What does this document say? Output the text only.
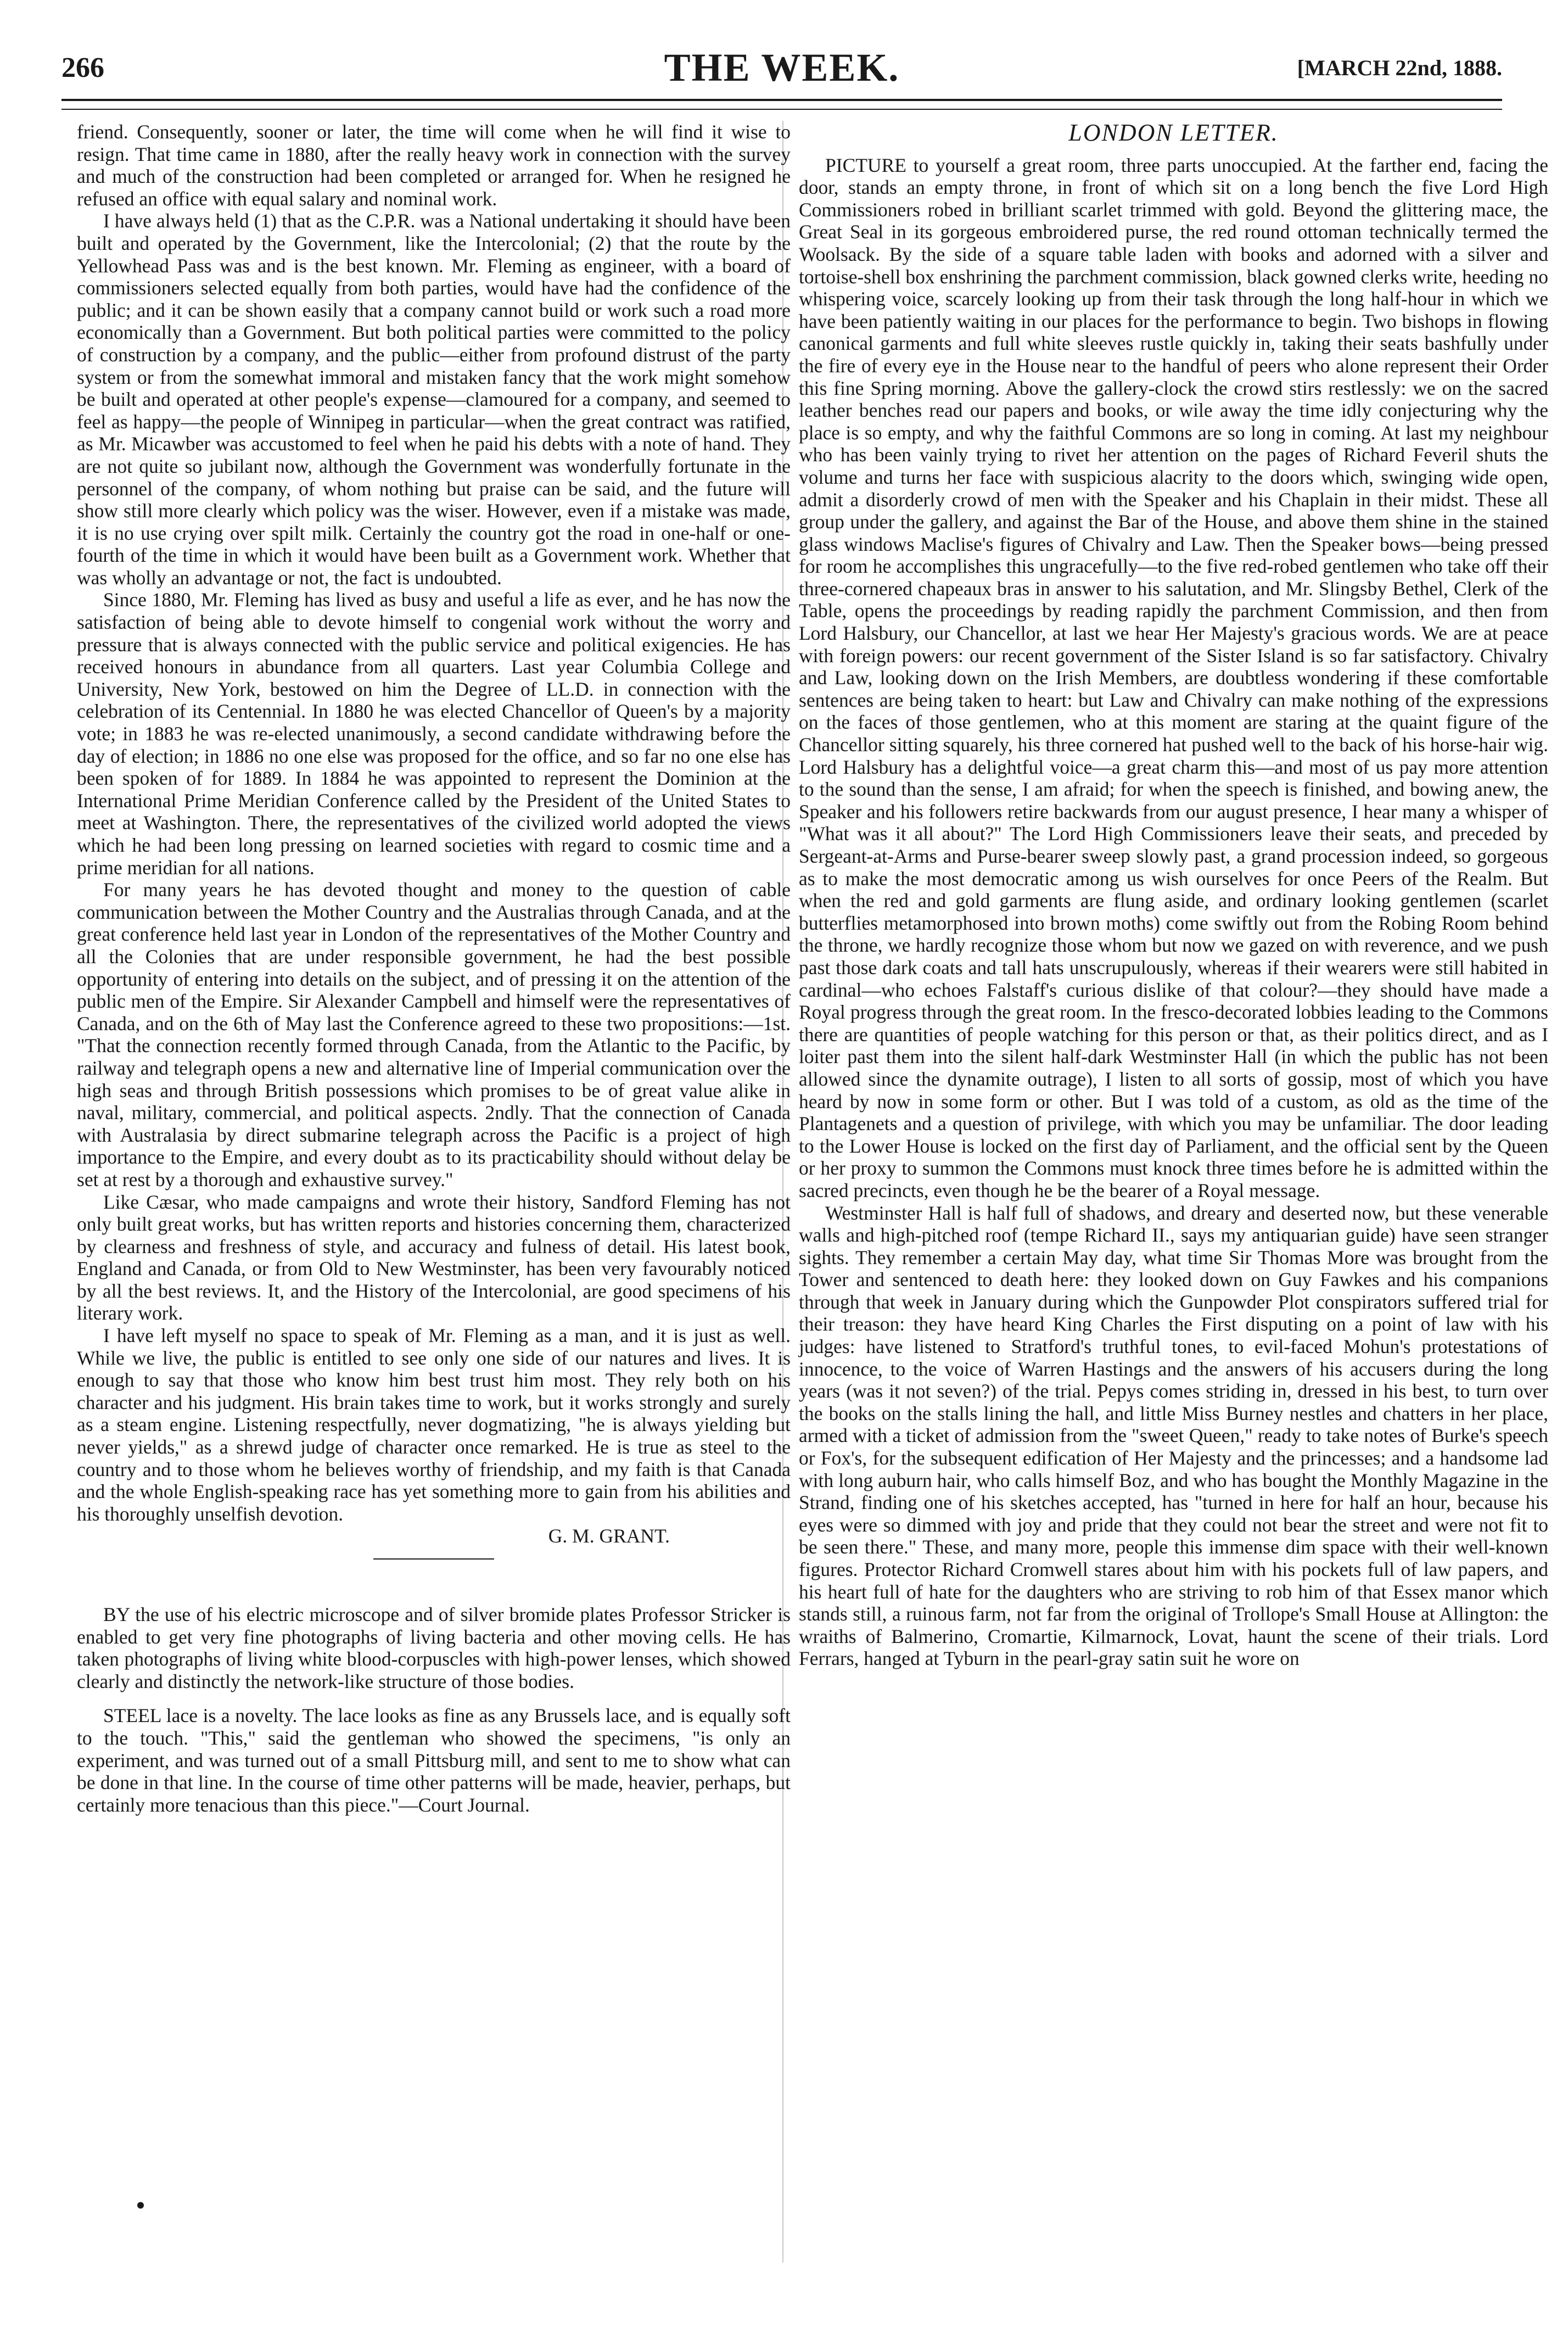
266	THE WEEK.	[MARCH 22nd, 1888.

friend. Consequently, sooner or later, the time will come when he will find it wise to resign. That time came in 1880, after the really heavy work in connection with the survey and much of the construction had been completed or arranged for. When he resigned he refused an office with equal salary and nominal work.

I have always held (1) that as the C.P.R. was a National undertaking it should have been built and operated by the Government, like the Intercolonial; (2) that the route by the Yellowhead Pass was and is the best known. Mr. Fleming as engineer, with a board of commissioners selected equally from both parties, would have had the confidence of the public; and it can be shown easily that a company cannot build or work such a road more economically than a Government. But both political parties were committed to the policy of construction by a company, and the public—either from profound distrust of the party system or from the somewhat immoral and mistaken fancy that the work might somehow be built and operated at other people's expense—clamoured for a company, and seemed to feel as happy—the people of Winnipeg in particular—when the great contract was ratified, as Mr. Micawber was accustomed to feel when he paid his debts with a note of hand. They are not quite so jubilant now, although the Government was wonderfully fortunate in the personnel of the company, of whom nothing but praise can be said, and the future will show still more clearly which policy was the wiser. However, even if a mistake was made, it is no use crying over spilt milk. Certainly the country got the road in one-half or one-fourth of the time in which it would have been built as a Government work. Whether that was wholly an advantage or not, the fact is undoubted.

Since 1880, Mr. Fleming has lived as busy and useful a life as ever, and he has now the satisfaction of being able to devote himself to congenial work without the worry and pressure that is always connected with the public service and political exigencies. He has received honours in abundance from all quarters. Last year Columbia College and University, New York, bestowed on him the Degree of LL.D. in connection with the celebration of its Centennial. In 1880 he was elected Chancellor of Queen's by a majority vote; in 1883 he was re-elected unanimously, a second candidate withdrawing before the day of election; in 1886 no one else was proposed for the office, and so far no one else has been spoken of for 1889. In 1884 he was appointed to represent the Dominion at the International Prime Meridian Conference called by the President of the United States to meet at Washington. There, the representatives of the civilized world adopted the views which he had been long pressing on learned societies with regard to cosmic time and a prime meridian for all nations.

For many years he has devoted thought and money to the question of cable communication between the Mother Country and the Australias through Canada, and at the great conference held last year in London of the representatives of the Mother Country and all the Colonies that are under responsible government, he had the best possible opportunity of entering into details on the subject, and of pressing it on the attention of the public men of the Empire. Sir Alexander Campbell and himself were the representatives of Canada, and on the 6th of May last the Conference agreed to these two propositions:—1st. "That the connection recently formed through Canada, from the Atlantic to the Pacific, by railway and telegraph opens a new and alternative line of Imperial communication over the high seas and through British possessions which promises to be of great value alike in naval, military, commercial, and political aspects. 2ndly. That the connection of Canada with Australasia by direct submarine telegraph across the Pacific is a project of high importance to the Empire, and every doubt as to its practicability should without delay be set at rest by a thorough and exhaustive survey."

Like Cæsar, who made campaigns and wrote their history, Sandford Fleming has not only built great works, but has written reports and histories concerning them, characterized by clearness and freshness of style, and accuracy and fulness of detail. His latest book, England and Canada, or from Old to New Westminster, has been very favourably noticed by all the best reviews. It, and the History of the Intercolonial, are good specimens of his literary work.

I have left myself no space to speak of Mr. Fleming as a man, and it is just as well. While we live, the public is entitled to see only one side of our natures and lives. It is enough to say that those who know him best trust him most. They rely both on his character and his judgment. His brain takes time to work, but it works strongly and surely as a steam engine. Listening respectfully, never dogmatizing, "he is always yielding but never yields," as a shrewd judge of character once remarked. He is true as steel to the country and to those whom he believes worthy of friendship, and my faith is that Canada and the whole English-speaking race has yet something more to gain from his abilities and his thoroughly unselfish devotion.

G. M. GRANT.

BY the use of his electric microscope and of silver bromide plates Professor Stricker is enabled to get very fine photographs of living bacteria and other moving cells. He has taken photographs of living white blood-corpuscles with high-power lenses, which showed clearly and distinctly the network-like structure of those bodies.

STEEL lace is a novelty. The lace looks as fine as any Brussels lace, and is equally soft to the touch. "This," said the gentleman who showed the specimens, "is only an experiment, and was turned out of a small Pittsburg mill, and sent to me to show what can be done in that line. In the course of time other patterns will be made, heavier, perhaps, but certainly more tenacious than this piece."—Court Journal.

LONDON LETTER.

PICTURE to yourself a great room, three parts unoccupied. At the farther end, facing the door, stands an empty throne, in front of which sit on a long bench the five Lord High Commissioners robed in brilliant scarlet trimmed with gold. Beyond the glittering mace, the Great Seal in its gorgeous embroidered purse, the red round ottoman technically termed the Woolsack. By the side of a square table laden with books and adorned with a silver and tortoise-shell box enshrining the parchment commission, black gowned clerks write, heeding no whispering voice, scarcely looking up from their task through the long half-hour in which we have been patiently waiting in our places for the performance to begin. Two bishops in flowing canonical garments and full white sleeves rustle quickly in, taking their seats bashfully under the fire of every eye in the House near to the handful of peers who alone represent their Order this fine Spring morning. Above the gallery-clock the crowd stirs restlessly: we on the sacred leather benches read our papers and books, or wile away the time idly conjecturing why the place is so empty, and why the faithful Commons are so long in coming. At last my neighbour who has been vainly trying to rivet her attention on the pages of Richard Feveril shuts the volume and turns her face with suspicious alacrity to the doors which, swinging wide open, admit a disorderly crowd of men with the Speaker and his Chaplain in their midst. These all group under the gallery, and against the Bar of the House, and above them shine in the stained glass windows Maclise's figures of Chivalry and Law. Then the Speaker bows—being pressed for room he accomplishes this ungracefully—to the five red-robed gentlemen who take off their three-cornered chapeaux bras in answer to his salutation, and Mr. Slingsby Bethel, Clerk of the Table, opens the proceedings by reading rapidly the parchment Commission, and then from Lord Halsbury, our Chancellor, at last we hear Her Majesty's gracious words. We are at peace with foreign powers: our recent government of the Sister Island is so far satisfactory. Chivalry and Law, looking down on the Irish Members, are doubtless wondering if these comfortable sentences are being taken to heart: but Law and Chivalry can make nothing of the expressions on the faces of those gentlemen, who at this moment are staring at the quaint figure of the Chancellor sitting squarely, his three cornered hat pushed well to the back of his horse-hair wig. Lord Halsbury has a delightful voice—a great charm this—and most of us pay more attention to the sound than the sense, I am afraid; for when the speech is finished, and bowing anew, the Speaker and his followers retire backwards from our august presence, I hear many a whisper of "What was it all about?" The Lord High Commissioners leave their seats, and preceded by Sergeant-at-Arms and Purse-bearer sweep slowly past, a grand procession indeed, so gorgeous as to make the most democratic among us wish ourselves for once Peers of the Realm. But when the red and gold garments are flung aside, and ordinary looking gentlemen (scarlet butterflies metamorphosed into brown moths) come swiftly out from the Robing Room behind the throne, we hardly recognize those whom but now we gazed on with reverence, and we push past those dark coats and tall hats unscrupulously, whereas if their wearers were still habited in cardinal—who echoes Falstaff's curious dislike of that colour?—they should have made a Royal progress through the great room. In the fresco-decorated lobbies leading to the Commons there are quantities of people watching for this person or that, as their politics direct, and as I loiter past them into the silent half-dark Westminster Hall (in which the public has not been allowed since the dynamite outrage), I listen to all sorts of gossip, most of which you have heard by now in some form or other. But I was told of a custom, as old as the time of the Plantagenets and a question of privilege, with which you may be unfamiliar. The door leading to the Lower House is locked on the first day of Parliament, and the official sent by the Queen or her proxy to summon the Commons must knock three times before he is admitted within the sacred precincts, even though he be the bearer of a Royal message.

Westminster Hall is half full of shadows, and dreary and deserted now, but these venerable walls and high-pitched roof (tempe Richard II., says my antiquarian guide) have seen stranger sights. They remember a certain May day, what time Sir Thomas More was brought from the Tower and sentenced to death here: they looked down on Guy Fawkes and his companions through that week in January during which the Gunpowder Plot conspirators suffered trial for their treason: they have heard King Charles the First disputing on a point of law with his judges: have listened to Stratford's truthful tones, to evil-faced Mohun's protestations of innocence, to the voice of Warren Hastings and the answers of his accusers during the long years (was it not seven?) of the trial. Pepys comes striding in, dressed in his best, to turn over the books on the stalls lining the hall, and little Miss Burney nestles and chatters in her place, armed with a ticket of admission from the "sweet Queen," ready to take notes of Burke's speech or Fox's, for the subsequent edification of Her Majesty and the princesses; and a handsome lad with long auburn hair, who calls himself Boz, and who has bought the Monthly Magazine in the Strand, finding one of his sketches accepted, has "turned in here for half an hour, because his eyes were so dimmed with joy and pride that they could not bear the street and were not fit to be seen there." These, and many more, people this immense dim space with their well-known figures. Protector Richard Cromwell stares about him with his pockets full of law papers, and his heart full of hate for the daughters who are striving to rob him of that Essex manor which stands still, a ruinous farm, not far from the original of Trollope's Small House at Allington: the wraiths of Balmerino, Cromartie, Kilmarnock, Lovat, haunt the scene of their trials. Lord Ferrars, hanged at Tyburn in the pearl-gray satin suit he wore on
